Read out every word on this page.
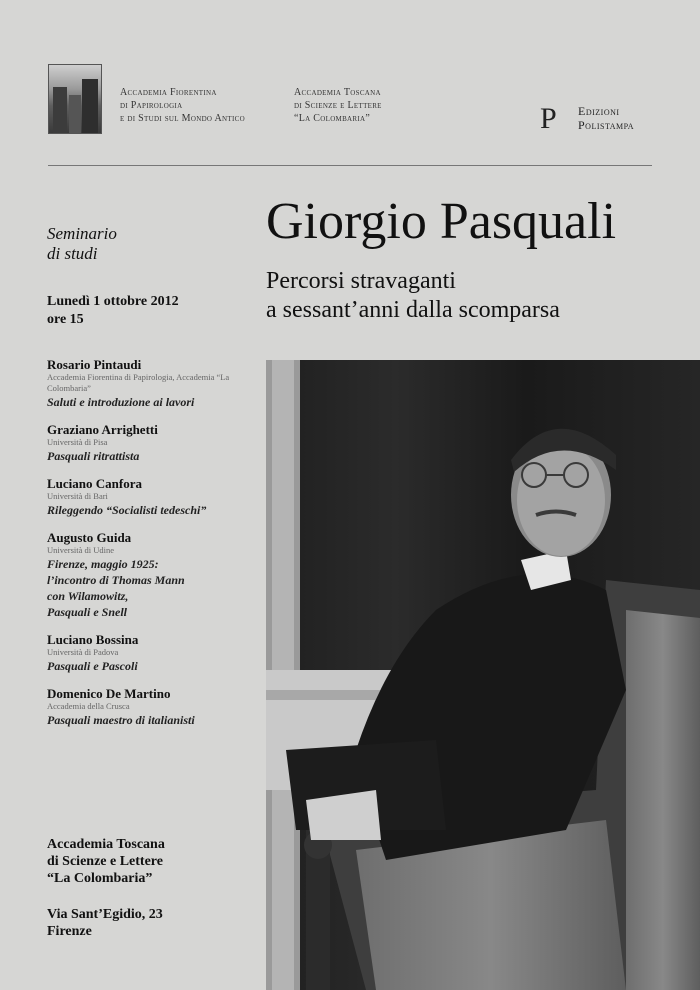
Accademia Fiorentina
di Papirologia
e di Studi sul Mondo Antico
Accademia Toscana
di Scienze e Lettere
“La Colombaria”	P Edizioni
Polistampa
Giorgio Pasquali
Percorsi stravaganti
a sessant’anni dalla scomparsa
Seminario
di studi
Lunedì 1 ottobre 2012
ore 15
Rosario Pintaudi
Accademia Fiorentina di Papirologia, Accademia “La Colombaria”
Saluti e introduzione ai lavori
Graziano Arrighetti
Università di Pisa
Pasquali ritrattista
Luciano Canfora
Università di Bari
Rileggendo “Socialisti tedeschi”
Augusto Guida
Università di Udine
Firenze, maggio 1925:
l’incontro di Thomas Mann
con Wilamowitz,
Pasquali e Snell
Luciano Bossina
Università di Padova
Pasquali e Pascoli
Domenico De Martino
Accademia della Crusca
Pasquali maestro di italianisti
Accademia Toscana
di Scienze e Lettere
“La Colombaria”
Via Sant’Egidio, 23
Firenze
